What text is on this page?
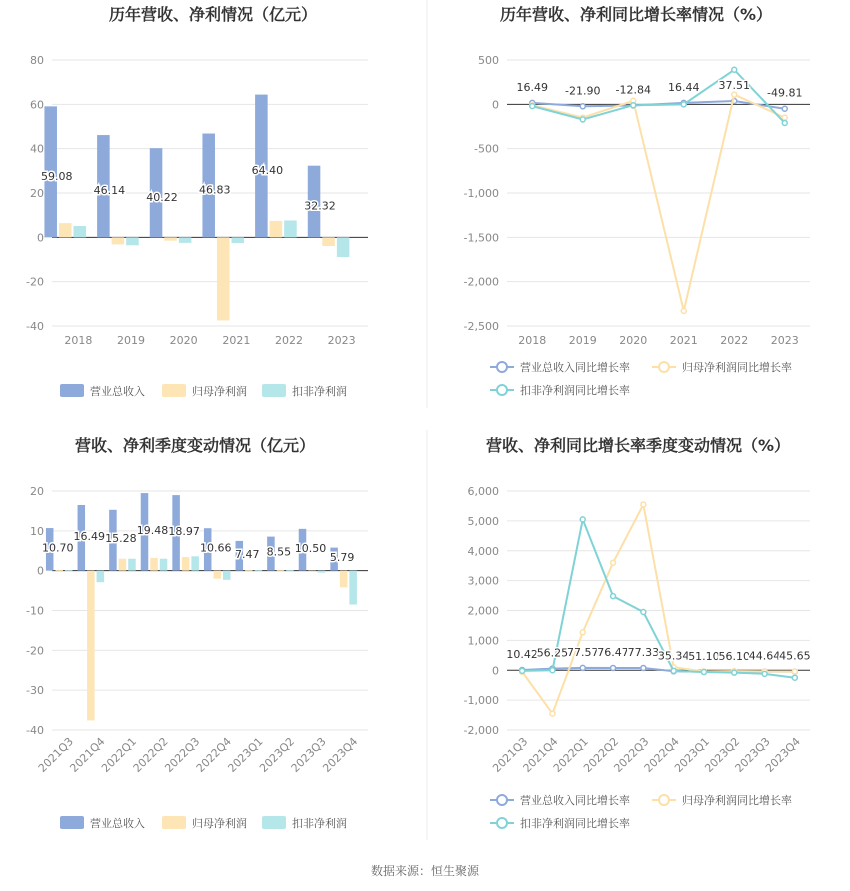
历年营收、净利情况（亿元）
80
60
40
20
0
-20
-40
2018 2019 2020 2021 2022 2023
59.08
46.14
40.22
46.83
64.40
32.32
营业总收入	归母净利润	扣非净利润
历年营收、净利同比增长率情况（%）
500
0
-500
-1,000
-1,500
-2,000
-2,500
2018 2019 2020 2021 2022 2023
16.49 -21.90 -12.84 16.44 37.51
-49.81
营业总收入同比增长率	归母净利润同比增长率
扣非净利润同比增长率
营收、净利季度变动情况（亿元）
20
10
0
-10
-20
-30
-40
2021Q3
2021Q4
2022Q1
2022Q2
2022Q3
2022Q4
2023Q1
2023Q2
2023Q3
2023Q4
10.70
16.49 15.28
19.48 18.97
10.66 7.47 8.55 10.50
5.79
营业总收入	归母净利润	扣非净利润
营收、净利同比增长率季度变动情况（%）
6,000
5,000
4,000
3,000
2,000
1,000
0
-1,000
-2,000
2021Q3
2021Q4
2022Q1
2022Q2
2022Q3
2022Q4
2023Q1
2023Q2
2023Q3
2023Q4
10.42
56.25
77.57
76.47
77.33
35.34
51.10
56.10
44.64
45.65
营业总收入同比增长率	归母净利润同比增长率
扣非净利润同比增长率
数据来源：恒生聚源
